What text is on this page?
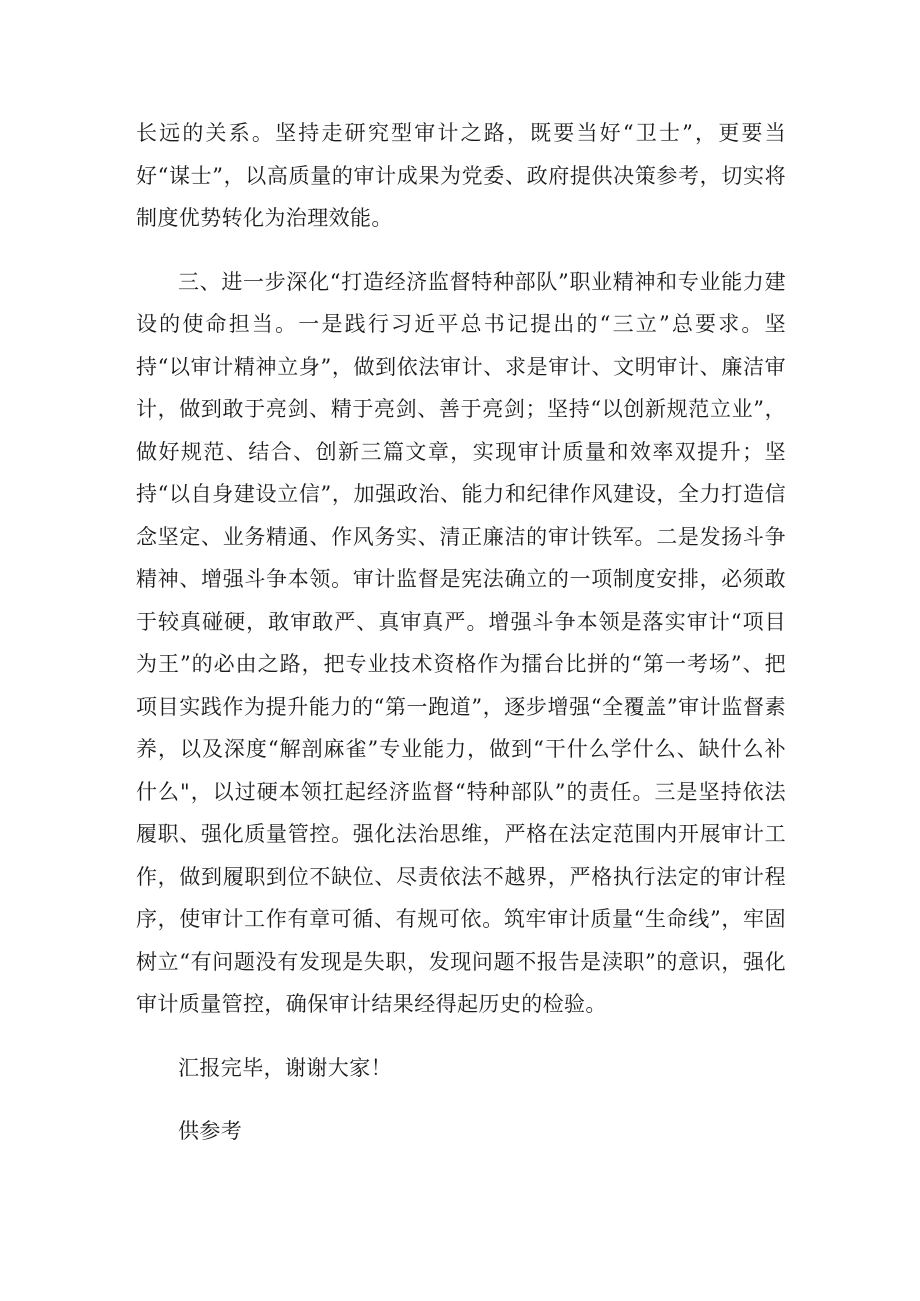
长远的关系。坚持走研究型审计之路，既要当好“卫士”，更要当好“谋士”，以高质量的审计成果为党委、政府提供决策参考，切实将制度优势转化为治理效能。

三、进一步深化“打造经济监督特种部队”职业精神和专业能力建设的使命担当。一是践行习近平总书记提出的“三立”总要求。坚持“以审计精神立身”，做到依法审计、求是审计、文明审计、廉洁审计，做到敢于亮剑、精于亮剑、善于亮剑；坚持“以创新规范立业”，做好规范、结合、创新三篇文章，实现审计质量和效率双提升；坚持“以自身建设立信”，加强政治、能力和纪律作风建设，全力打造信念坚定、业务精通、作风务实、清正廉洁的审计铁军。二是发扬斗争精神、增强斗争本领。审计监督是宪法确立的一项制度安排，必须敢于较真碰硬，敢审敢严、真审真严。增强斗争本领是落实审计“项目为王”的必由之路，把专业技术资格作为擂台比拼的“第一考场”、把项目实践作为提升能力的“第一跑道”，逐步增强“全覆盖”审计监督素养，以及深度“解剖麻雀”专业能力，做到“干什么学什么、缺什么补什么"，以过硬本领扛起经济监督“特种部队”的责任。三是坚持依法履职、强化质量管控。强化法治思维，严格在法定范围内开展审计工作，做到履职到位不缺位、尽责依法不越界，严格执行法定的审计程序，使审计工作有章可循、有规可依。筑牢审计质量“生命线”，牢固树立“有问题没有发现是失职，发现问题不报告是渎职”的意识，强化审计质量管控，确保审计结果经得起历史的检验。

汇报完毕，谢谢大家！

供参考
